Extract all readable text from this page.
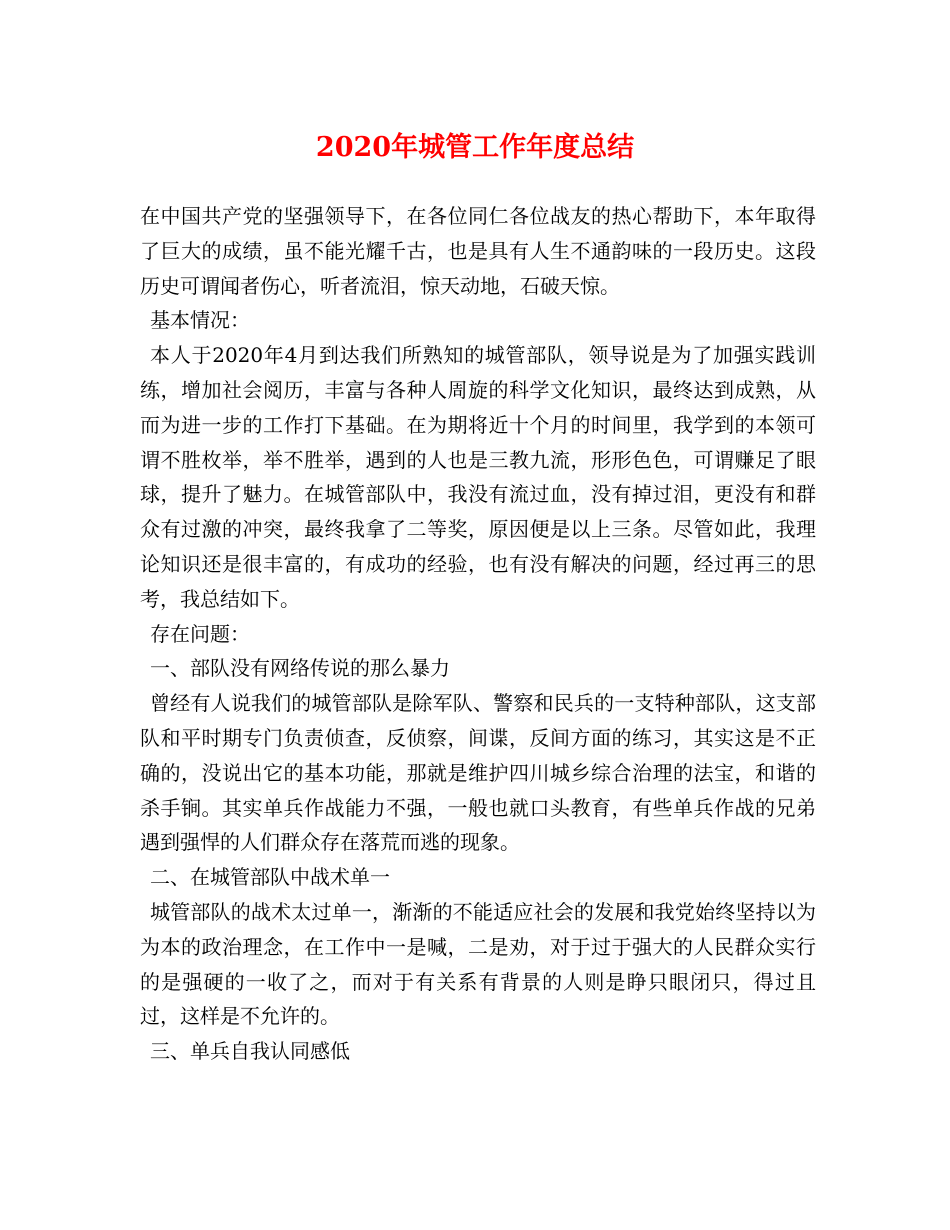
2020年城管工作年度总结

在中国共产党的坚强领导下，在各位同仁各位战友的热心帮助下，本年取得了巨大的成绩，虽不能光耀千古，也是具有人生不通韵味的一段历史。这段历史可谓闻者伤心，听者流泪，惊天动地，石破天惊。

基本情况：

本人于2020年4月到达我们所熟知的城管部队，领导说是为了加强实践训练，增加社会阅历，丰富与各种人周旋的科学文化知识，最终达到成熟，从而为进一步的工作打下基础。在为期将近十个月的时间里，我学到的本领可谓不胜枚举，举不胜举，遇到的人也是三教九流，形形色色，可谓赚足了眼球，提升了魅力。在城管部队中，我没有流过血，没有掉过泪，更没有和群众有过激的冲突，最终我拿了二等奖，原因便是以上三条。尽管如此，我理论知识还是很丰富的，有成功的经验，也有没有解决的问题，经过再三的思考，我总结如下。

存在问题：

一、部队没有网络传说的那么暴力

曾经有人说我们的城管部队是除军队、警察和民兵的一支特种部队，这支部队和平时期专门负责侦查，反侦察，间谍，反间方面的练习，其实这是不正确的，没说出它的基本功能，那就是维护四川城乡综合治理的法宝，和谐的杀手锏。其实单兵作战能力不强，一般也就口头教育，有些单兵作战的兄弟遇到强悍的人们群众存在落荒而逃的现象。

二、在城管部队中战术单一

城管部队的战术太过单一，渐渐的不能适应社会的发展和我党始终坚持以为为本的政治理念，在工作中一是喊，二是劝，对于过于强大的人民群众实行的是强硬的一收了之，而对于有关系有背景的人则是睁只眼闭只，得过且过，这样是不允许的。

三、单兵自我认同感低
